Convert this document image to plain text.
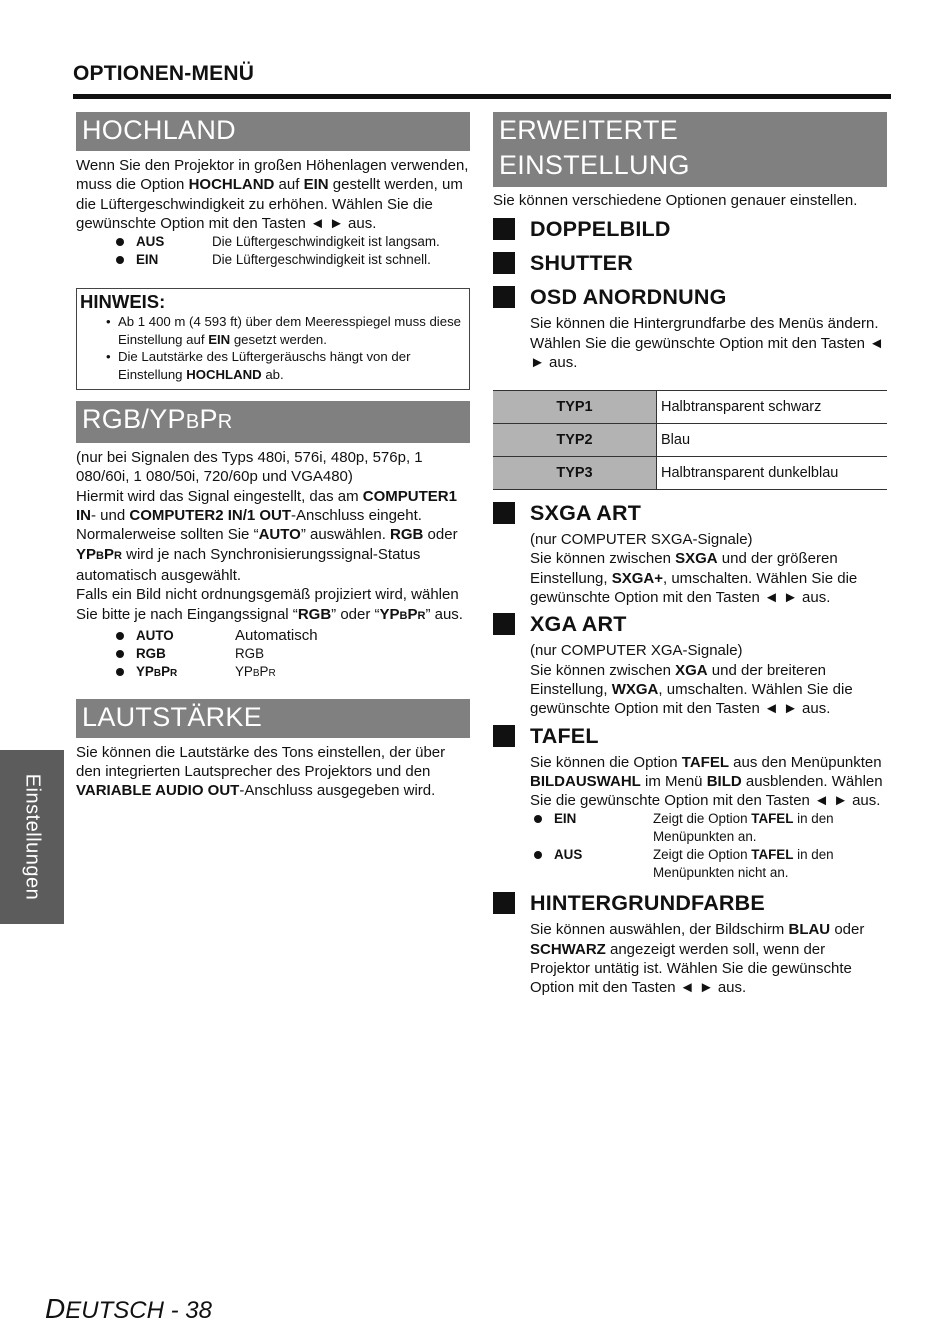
OPTIONEN-MENÜ
HOCHLAND

Wenn Sie den Projektor in großen Höhenlagen verwenden, muss die Option HOCHLAND auf EIN gestellt werden, um die Lüftergeschwindigkeit zu erhöhen. Wählen Sie die gewünschte Option mit den Tasten ◄ ► aus.

AUS	Die Lüftergeschwindigkeit ist langsam.
EIN	Die Lüftergeschwindigkeit ist schnell.
HINWEIS:
•  Ab 1 400 m (4 593 ft) über dem Meeresspiegel muss diese Einstellung auf EIN gesetzt werden.
•  Die Lautstärke des Lüftergeräuschs hängt von der Einstellung HOCHLAND ab.
RGB/YPBPR

(nur bei Signalen des Typs 480i, 576i, 480p, 576p, 1 080/60i, 1 080/50i, 720/60p und VGA480)

Hiermit wird das Signal eingestellt, das am COMPUTER1 IN- und COMPUTER2 IN/1 OUT-Anschluss eingeht.

Normalerweise sollten Sie “AUTO” auswählen. RGB oder YPBPR wird je nach Synchronisierungssignal-Status automatisch ausgewählt.

Falls ein Bild nicht ordnungsgemäß projiziert wird, wählen Sie bitte je nach Eingangssignal “RGB” oder “YPBPR” aus.

AUTO	Automatisch
RGB	RGB
YPBPR	YPBPR
LAUTSTÄRKE

Sie können die Lautstärke des Tons einstellen, der über den integrierten Lautsprecher des Projektors und den VARIABLE AUDIO OUT-Anschluss ausgegeben wird.

ERWEITERTE
EINSTELLUNG

Sie können verschiedene Optionen genauer einstellen.

DOPPELBILD
SHUTTER
OSD ANORDNUNG

Sie können die Hintergrundfarbe des Menüs ändern. Wählen Sie die gewünschte Option mit den Tasten ◄ ► aus.

TYP1	Halbtransparent schwarz
TYP2	Blau
TYP3	Halbtransparent dunkelblau
SXGA ART

(nur COMPUTER SXGA-Signale)

Sie können zwischen SXGA und der größeren Einstellung, SXGA+, umschalten. Wählen Sie die gewünschte Option mit den Tasten ◄ ► aus.

XGA ART

(nur COMPUTER XGA-Signale)

Sie können zwischen XGA und der breiteren Einstellung, WXGA, umschalten. Wählen Sie die gewünschte Option mit den Tasten ◄ ► aus.

TAFEL

Sie können die Option TAFEL aus den Menüpunkten BILDAUSWAHL im Menü BILD ausblenden. Wählen Sie die gewünschte Option mit den Tasten ◄ ► aus.

EIN	Zeigt die Option TAFEL in den Menüpunkten an.
AUS	Zeigt die Option TAFEL in den Menüpunkten nicht an.
HINTERGRUNDFARBE

Sie können auswählen, der Bildschirm BLAU oder SCHWARZ angezeigt werden soll, wenn der Projektor untätig ist. Wählen Sie die gewünschte Option mit den Tasten ◄ ► aus.

Einstellungen
DEUTSCH - 38
